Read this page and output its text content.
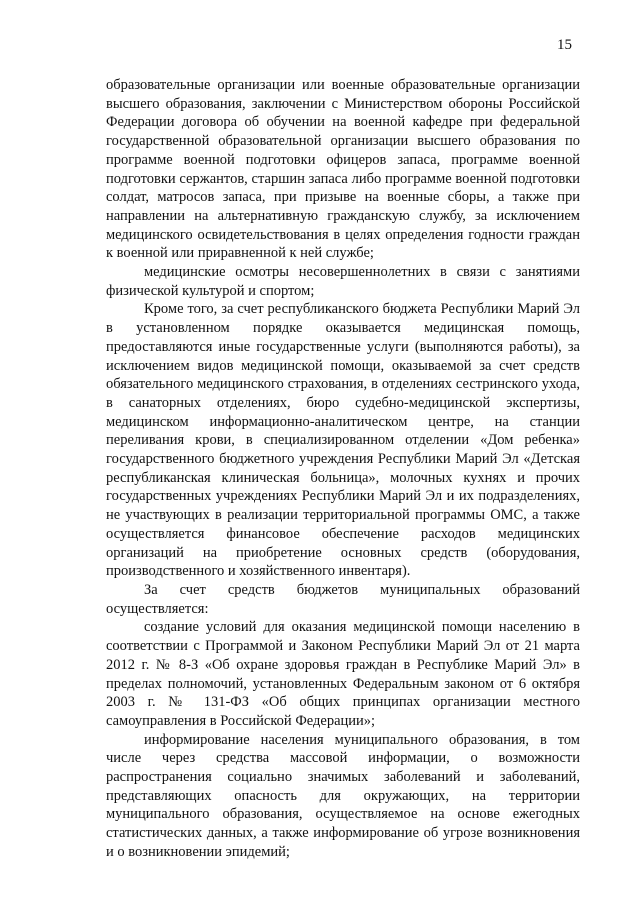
15

образовательные организации или военные образовательные организации высшего образования, заключении с Министерством обороны Российской Федерации договора об обучении на военной кафедре при федеральной государственной образовательной организации высшего образования по программе военной подготовки офицеров запаса, программе военной подготовки сержантов, старшин запаса либо программе военной подготовки солдат, матросов запаса, при призыве на военные сборы, а также при направлении на альтернативную гражданскую службу, за исключением медицинского освидетельствования в целях определения годности граждан к военной или приравненной к ней службе;

медицинские осмотры несовершеннолетних в связи с занятиями физической культурой и спортом;

Кроме того, за счет республиканского бюджета Республики Марий Эл в установленном порядке оказывается медицинская помощь, предоставляются иные государственные услуги (выполняются работы), за исключением видов медицинской помощи, оказываемой за счет средств обязательного медицинского страхования, в отделениях сестринского ухода, в санаторных отделениях, бюро судебно-медицинской экспертизы, медицинском информационно-аналитическом центре, на станции переливания крови, в специализированном отделении «Дом ребенка» государственного бюджетного учреждения Республики Марий Эл «Детская республиканская клиническая больница», молочных кухнях и прочих государственных учреждениях Республики Марий Эл и их подразделениях, не участвующих в реализации территориальной программы ОМС, а также осуществляется финансовое обеспечение расходов медицинских организаций на приобретение основных средств (оборудования, производственного и хозяйственного инвентаря).

За счет средств бюджетов муниципальных образований осуществляется:

создание условий для оказания медицинской помощи населению в соответствии с Программой и Законом Республики Марий Эл от 21 марта 2012 г. № 8-З «Об охране здоровья граждан в Республике Марий Эл» в пределах полномочий, установленных Федеральным законом от 6 октября 2003 г. № 131-ФЗ «Об общих принципах организации местного самоуправления в Российской Федерации»;

информирование населения муниципального образования, в том числе через средства массовой информации, о возможности распространения социально значимых заболеваний и заболеваний, представляющих опасность для окружающих, на территории муниципального образования, осуществляемое на основе ежегодных статистических данных, а также информирование об угрозе возникновения и о возникновении эпидемий;
